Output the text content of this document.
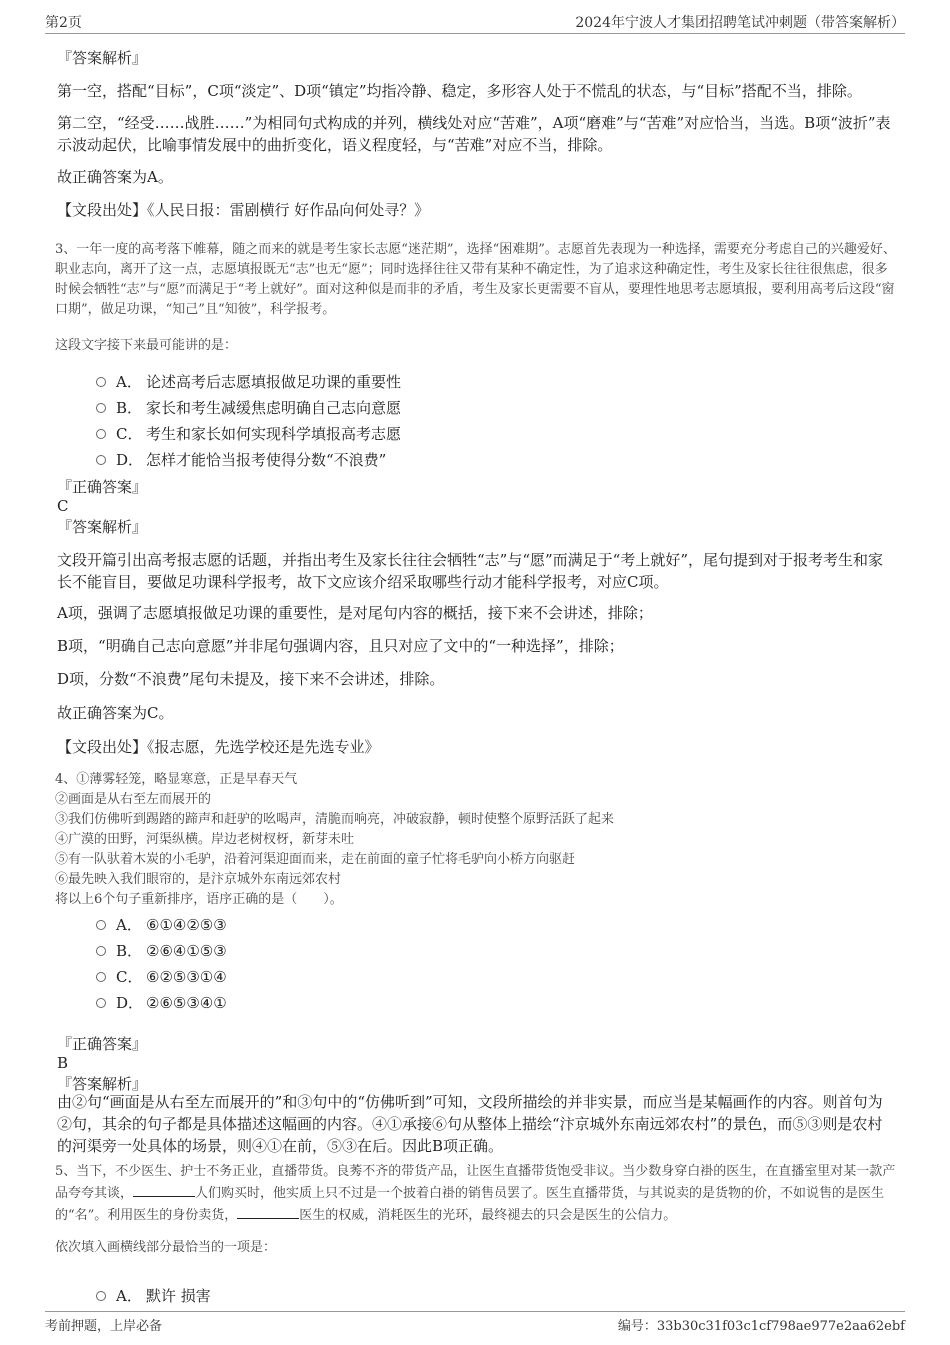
第2页	2024年宁波人才集团招聘笔试冲刺题（带答案解析）
『答案解析』
第一空，搭配“目标”，C项“淡定”、D项“镇定”均指冷静、稳定，多形容人处于不慌乱的状态，与“目标”搭配不当，排除。
第二空，“经受……战胜……”为相同句式构成的并列，横线处对应“苦难”，A项“磨难”与“苦难”对应恰当，当选。B项“波折”表示波动起伏，比喻事情发展中的曲折变化，语义程度轻，与“苦难”对应不当，排除。
故正确答案为A。
【文段出处】《人民日报：雷剧横行 好作品向何处寻？》
3、一年一度的高考落下帷幕，随之而来的就是考生家长志愿“迷茫期”，选择“困难期”。志愿首先表现为一种选择，需要充分考虑自己的兴趣爱好、职业志向，离开了这一点，志愿填报既无“志”也无“愿”；同时选择往往又带有某种不确定性，为了追求这种确定性，考生及家长往往很焦虑，很多时候会牺牲“志”与“愿”而满足于“考上就好”。面对这种似是而非的矛盾，考生及家长更需要不盲从，要理性地思考志愿填报，要利用高考后这段“窗口期”，做足功课，“知己”且“知彼”，科学报考。
这段文字接下来最可能讲的是：
A． 论述高考后志愿填报做足功课的重要性
B． 家长和考生减缓焦虑明确自己志向意愿
C． 考生和家长如何实现科学填报高考志愿
D． 怎样才能恰当报考使得分数“不浪费”
『正确答案』
C
『答案解析』
文段开篇引出高考报志愿的话题，并指出考生及家长往往会牺牲“志”与“愿”而满足于“考上就好”，尾句提到对于报考考生和家长不能盲目，要做足功课科学报考，故下文应该介绍采取哪些行动才能科学报考，对应C项。
A项，强调了志愿填报做足功课的重要性，是对尾句内容的概括，接下来不会讲述，排除；
B项，“明确自己志向意愿”并非尾句强调内容，且只对应了文中的“一种选择”，排除；
D项，分数“不浪费”尾句未提及，接下来不会讲述，排除。
故正确答案为C。
【文段出处】《报志愿，先选学校还是先选专业》
4、①薄雾轻笼，略显寒意，正是早春天气
②画面是从右至左而展开的
③我们仿佛听到踢踏的蹄声和赶驴的吆喝声，清脆而响亮，冲破寂静，顿时使整个原野活跃了起来
④广漠的田野，河渠纵横。岸边老树杈枒，新芽未吐
⑤有一队驮着木炭的小毛驴，沿着河渠迎面而来，走在前面的童子忙将毛驴向小桥方向驱赶
⑥最先映入我们眼帘的，是汴京城外东南远郊农村
将以上6个句子重新排序，语序正确的是（　　）。
A． ⑥①④②⑤③
B． ②⑥④①⑤③
C． ⑥②⑤③①④
D． ②⑥⑤③④①
『正确答案』
B
『答案解析』
由②句“画面是从右至左而展开的”和③句中的“仿佛听到”可知，文段所描绘的并非实景，而应当是某幅画作的内容。则首句为②句，其余的句子都是具体描述这幅画的内容。④①承接⑥句从整体上描绘“汴京城外东南远郊农村”的景色，而⑤③则是农村的河渠旁一处具体的场景，则④①在前，⑤③在后。因此B项正确。
5、当下，不少医生、护士不务正业，直播带货。良莠不齐的带货产品，让医生直播带货饱受非议。当少数身穿白褂的医生，在直播室里对某一款产品夸夸其谈，	人们购买时，他实质上只不过是一个披着白褂的销售员罢了。医生直播带货，与其说卖的是货物的价，不如说售的是医生的“名”。利用医生的身份卖货，	医生的权威，消耗医生的光环，最终褪去的只会是医生的公信力。
依次填入画横线部分最恰当的一项是：
A． 默许 损害
考前押题，上岸必备	编号：33b30c31f03c1cf798ae977e2aa62ebf
